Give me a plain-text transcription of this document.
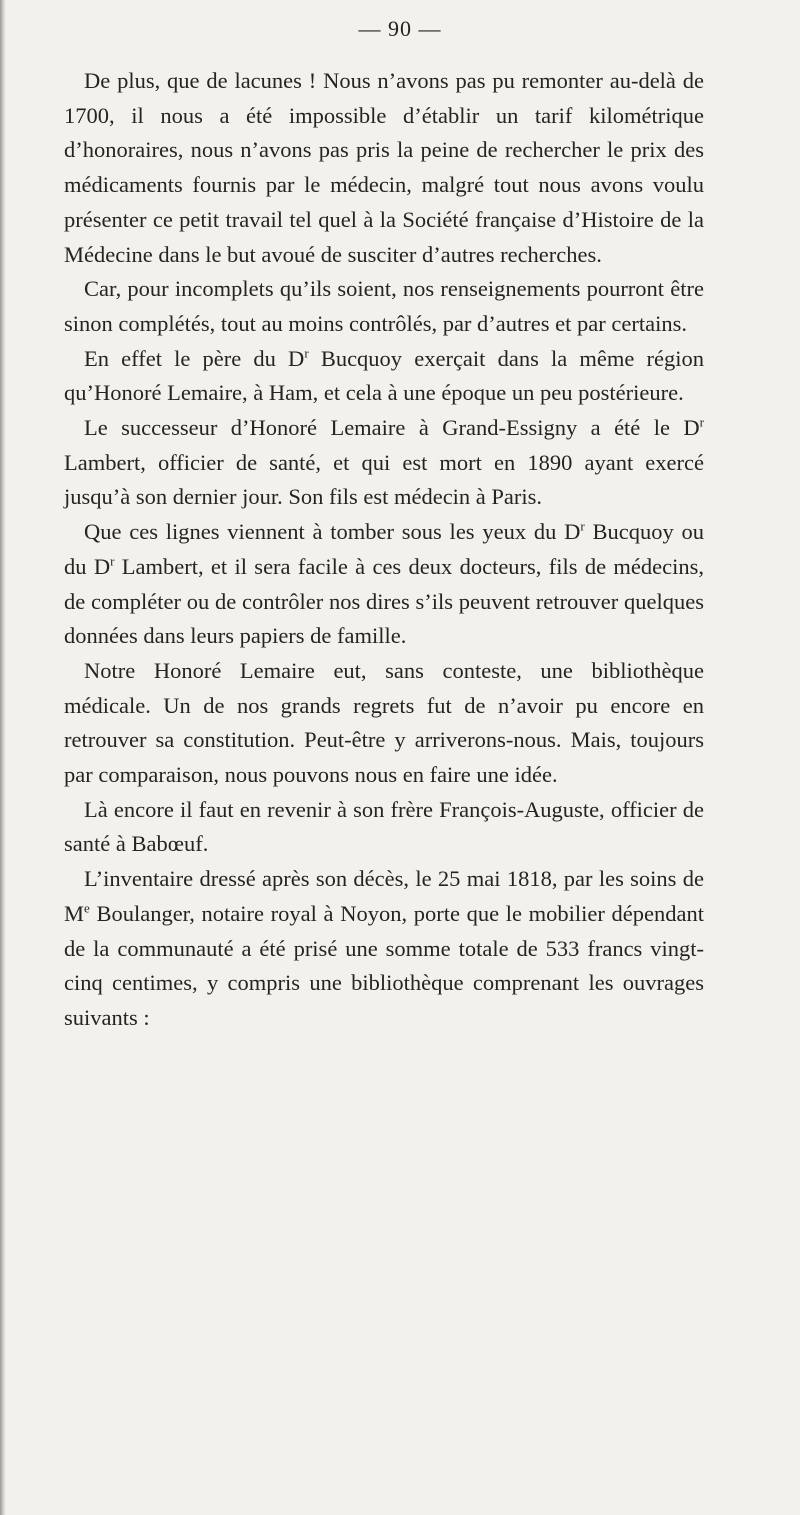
— 90 —

De plus, que de lacunes ! Nous n’avons pas pu remonter au-delà de 1700, il nous a été impossible d’établir un tarif kilométrique d’honoraires, nous n’avons pas pris la peine de rechercher le prix des médicaments fournis par le médecin, malgré tout nous avons voulu présenter ce petit travail tel quel à la Société française d’Histoire de la Médecine dans le but avoué de susciter d’autres recherches.

Car, pour incomplets qu’ils soient, nos renseignements pourront être sinon complétés, tout au moins contrôlés, par d’autres et par certains.

En effet le père du $D^r$ Bucquoy exerçait dans la même région qu’Honoré Lemaire, à Ham, et cela à une époque un peu postérieure.

Le successeur d’Honoré Lemaire à Grand-Essigny a été le $D^r$ Lambert, officier de santé, et qui est mort en 1890 ayant exercé jusqu’à son dernier jour. Son fils est médecin à Paris.

Que ces lignes viennent à tomber sous les yeux du $D^r$ Bucquoy ou du $D^r$ Lambert, et il sera facile à ces deux docteurs, fils de médecins, de compléter ou de contrôler nos dires s’ils peuvent retrouver quelques données dans leurs papiers de famille.

Notre Honoré Lemaire eut, sans conteste, une bibliothèque médicale. Un de nos grands regrets fut de n’avoir pu encore en retrouver sa constitution. Peut-être y arriverons-nous. Mais, toujours par comparaison, nous pouvons nous en faire une idée.

Là encore il faut en revenir à son frère François-Auguste, officier de santé à Babœuf.

L’inventaire dressé après son décès, le 25 mai 1818, par les soins de Me Boulanger, notaire royal à Noyon, porte que le mobilier dépendant de la communauté a été prisé une somme totale de 533 francs vingt-cinq centimes, y compris une bibliothèque comprenant les ouvrages suivants :
